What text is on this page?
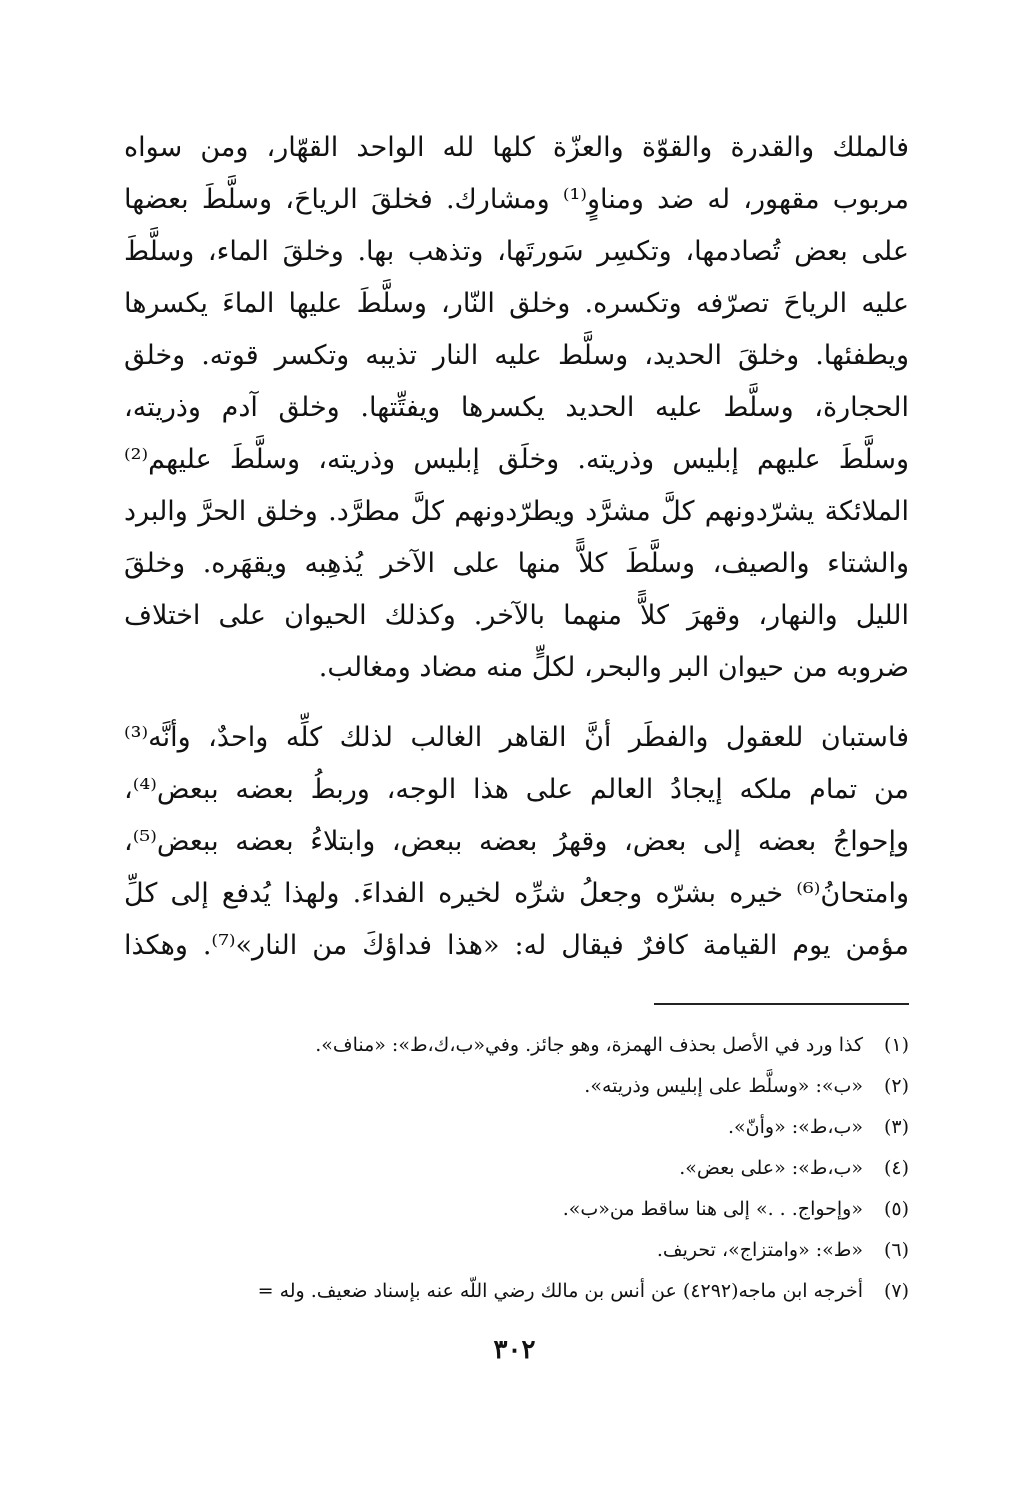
فالملك والقدرة والقوّة والعزّة كلها لله الواحد القهّار، ومن سواه
مربوب مقهور، له ضد ومناوٍ⁽¹⁾ ومشارك. فخلقَ الرياحَ، وسلَّطَ بعضها
على بعض تُصادمها، وتكسِر سَورتَها، وتذهب بها. وخلقَ الماء، وسلَّطَ
عليه الرياحَ تصرّفه وتكسره. وخلق النّار، وسلَّطَ عليها الماءَ يكسرها
ويطفئها. وخلقَ الحديد، وسلَّط عليه النار تذيبه وتكسر قوته. وخلق
الحجارة، وسلَّط عليه الحديد يكسرها ويفتِّتها. وخلق آدم وذريته،
وسلَّطَ عليهم إبليس وذريته. وخلَق إبليس وذريته، وسلَّطَ عليهم⁽²⁾
الملائكة يشرّدونهم كلَّ مشرَّد ويطرّدونهم كلَّ مطرَّد. وخلق الحرَّ والبرد
والشتاء والصيف، وسلَّطَ كلاًّ منها على الآخر يُذهِبه ويقهَره. وخلقَ
الليل والنهار، وقهرَ كلاًّ منهما بالآخر. وكذلك الحيوان على اختلاف
ضروبه من حيوان البر والبحر، لكلٍّ منه مضاد ومغالب.
فاستبان للعقول والفطَر أنَّ القاهر الغالب لذلك كلِّه واحدٌ، وأنَّه⁽³⁾
من تمام ملكه إيجادُ العالم على هذا الوجه، وربطُ بعضه ببعض⁽⁴⁾،
وإحواجُ بعضه إلى بعض، وقهرُ بعضه ببعض، وابتلاءُ بعضه ببعض⁽⁵⁾،
وامتحانُ⁽⁶⁾ خيره بشرّه وجعلُ شرِّه لخيره الفداءَ. ولهذا يُدفع إلى كلِّ
مؤمن يوم القيامة كافرٌ فيقال له: «هذا فداؤكَ من النار»⁽⁷⁾. وهكذا
(١)
كذا ورد في الأصل بحذف الهمزة، وهو جائز. وفي«ب،ك،ط»: «مناف».
(٢)
«ب»: «وسلَّط على إبليس وذريته».
(٣)
«ب،ط»: «وأنّ».
(٤)
«ب،ط»: «على بعض».
(٥)
«وإحواج. . .» إلى هنا ساقط من«ب».
(٦)
«ط»: «وامتزاج»، تحريف.
(٧)
أخرجه ابن ماجه(٤٢٩٢) عن أنس بن مالك رضي اللّه عنه بإسناد ضعيف. وله =
٣٠٢
